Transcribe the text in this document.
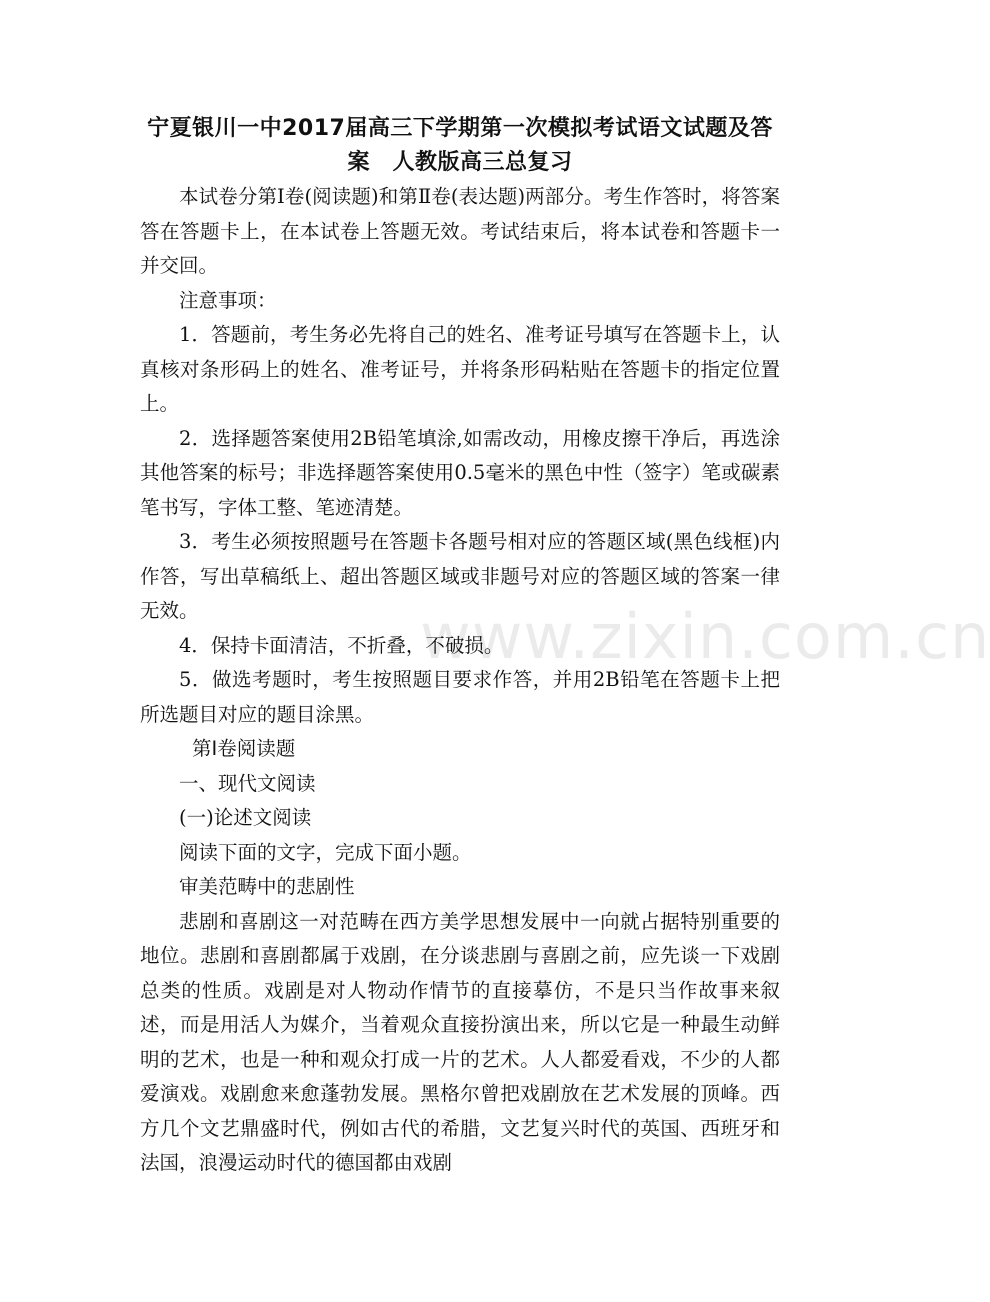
www.zixin.com.cn
宁夏银川一中2017届高三下学期第一次模拟考试语文试题及答案　人教版高三总复习

本试卷分第Ⅰ卷(阅读题)和第Ⅱ卷(表达题)两部分。考生作答时，将答案答在答题卡上，在本试卷上答题无效。考试结束后，将本试卷和答题卡一并交回。

注意事项：

1．答题前，考生务必先将自己的姓名、准考证号填写在答题卡上，认真核对条形码上的姓名、准考证号，并将条形码粘贴在答题卡的指定位置上。

2．选择题答案使用2B铅笔填涂,如需改动，用橡皮擦干净后，再选涂其他答案的标号；非选择题答案使用0.5毫米的黑色中性（签字）笔或碳素笔书写，字体工整、笔迹清楚。

3．考生必须按照题号在答题卡各题号相对应的答题区域(黑色线框)内作答，写出草稿纸上、超出答题区域或非题号对应的答题区域的答案一律无效。

4．保持卡面清洁，不折叠，不破损。

5．做选考题时，考生按照题目要求作答，并用2B铅笔在答题卡上把所选题目对应的题目涂黑。

第Ⅰ卷阅读题

一、现代文阅读

(一)论述文阅读

阅读下面的文字，完成下面小题。

审美范畴中的悲剧性

悲剧和喜剧这一对范畴在西方美学思想发展中一向就占据特别重要的地位。悲剧和喜剧都属于戏剧，在分谈悲剧与喜剧之前，应先谈一下戏剧总类的性质。戏剧是对人物动作情节的直接摹仿，不是只当作故事来叙述，而是用活人为媒介，当着观众直接扮演出来，所以它是一种最生动鲜明的艺术，也是一种和观众打成一片的艺术。人人都爱看戏，不少的人都爱演戏。戏剧愈来愈蓬勃发展。黑格尔曾把戏剧放在艺术发展的顶峰。西方几个文艺鼎盛时代，例如古代的希腊，文艺复兴时代的英国、西班牙和法国，浪漫运动时代的德国都由戏剧
